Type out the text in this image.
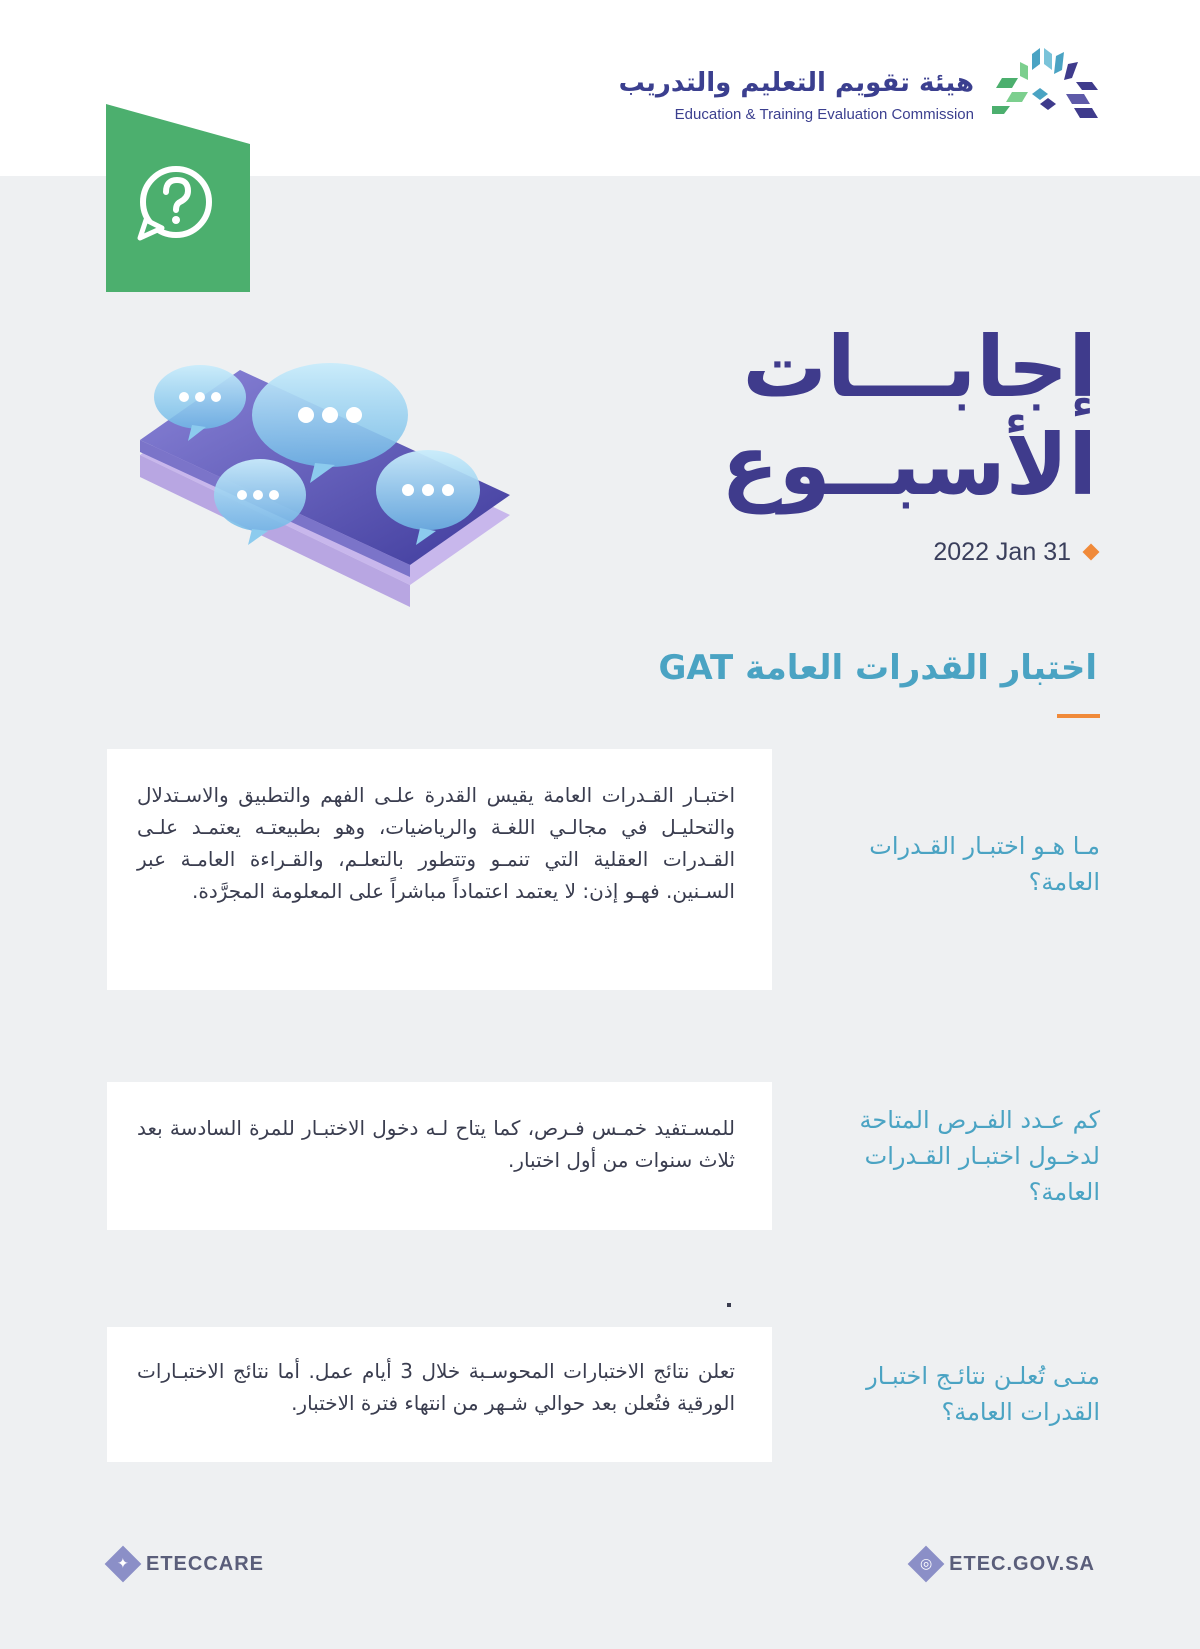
هيئة تقويم التعليم والتدريب
Education & Training Evaluation Commission
إجابـــات
الأسبــوع
2022 Jan 31
اختبار القدرات العامة GAT
اختبـار القـدرات العامة يقيس القدرة علـى الفهم والتطبيق والاسـتدلال والتحليـل في مجالـي اللغـة والرياضيات، وهو بطبيعتـه يعتمـد علـى القـدرات العقلية التي تنمـو وتتطور بالتعلـم، والقـراءة العامـة عبر السـنين. فهـو إذن: لا يعتمد اعتماداً مباشراً على المعلومة المجرَّدة.
مـا هـو اختبـار القـدرات العامة؟
للمسـتفيد خمـس فـرص، كما يتاح لـه دخول الاختبـار للمرة السادسة بعد ثلاث سنوات من أول اختبار.
كم عـدد الفـرص المتاحة لدخـول اختبـار القـدرات العامة؟
تعلن نتائج الاختبارات المحوسـبة خلال 3 أيام عمل. أما نتائج الاختبـارات الورقية فتُعلن بعد حوالي شـهر من انتهاء فترة الاختبار.
متـى تُعلـن نتائـج اختبـار القدرات العامة؟
✦ ETECCARE	◎ ETEC.GOV.SA
